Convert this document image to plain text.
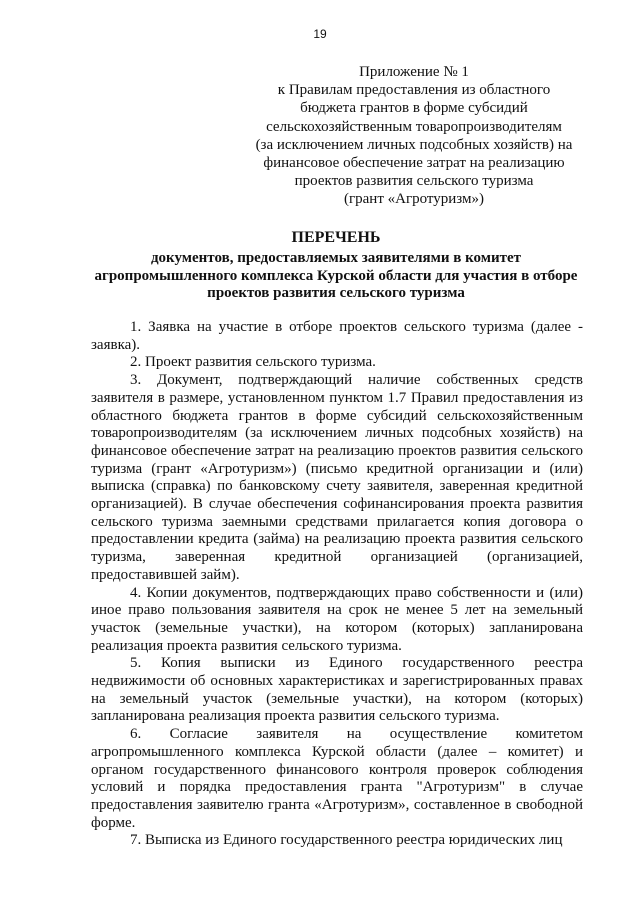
19
Приложение № 1
к Правилам предоставления из областного
бюджета грантов в форме субсидий
сельскохозяйственным товаропроизводителям
(за исключением личных подсобных хозяйств) на
финансовое обеспечение затрат на реализацию
проектов развития сельского туризма
(грант «Агротуризм»)
ПЕРЕЧЕНЬ
документов, предоставляемых заявителями в комитет
агропромышленного комплекса Курской области для участия в отборе
проектов развития сельского туризма

1. Заявка на участие в отборе проектов сельского туризма (далее - заявка).

2. Проект развития сельского туризма.

3. Документ, подтверждающий наличие собственных средств заявителя в размере, установленном пунктом 1.7 Правил предоставления из областного бюджета грантов в форме субсидий сельскохозяйственным товаропроизводителям (за исключением личных подсобных хозяйств) на финансовое обеспечение затрат на реализацию проектов развития сельского туризма (грант «Агротуризм») (письмо кредитной организации и (или) выписка (справка) по банковскому счету заявителя, заверенная кредитной организацией). В случае обеспечения софинансирования проекта развития сельского туризма заемными средствами прилагается копия договора о предоставлении кредита (займа) на реализацию проекта развития сельского туризма, заверенная кредитной организацией (организацией, предоставившей займ).

4. Копии документов, подтверждающих право собственности и (или) иное право пользования заявителя на срок не менее 5 лет на земельный участок (земельные участки), на котором (которых) запланирована реализация проекта развития сельского туризма.

5. Копия выписки из Единого государственного реестра недвижимости об основных характеристиках и зарегистрированных правах на земельный участок (земельные участки), на котором (которых) запланирована реализация проекта развития сельского туризма.

6. Согласие заявителя на осуществление комитетом агропромышленного комплекса Курской области (далее – комитет) и органом государственного финансового контроля проверок соблюдения условий и порядка предоставления гранта "Агротуризм" в случае предоставления заявителю гранта «Агротуризм», составленное в свободной форме.

7. Выписка из Единого государственного реестра юридических лиц
